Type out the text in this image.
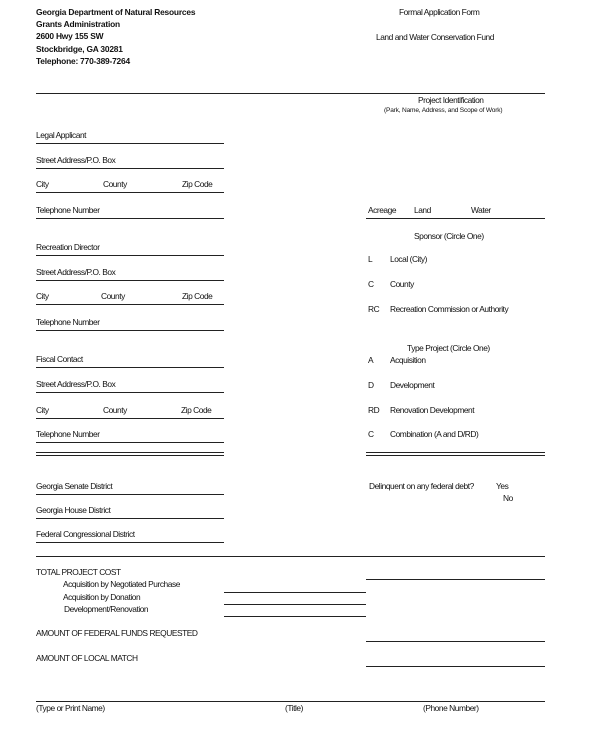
Georgia Department of Natural Resources
Grants Administration
2600 Hwy 155 SW
Stockbridge, GA 30281
Telephone: 770-389-7264
Formal Application Form
Land and Water Conservation Fund
Project Identification
(Park, Name, Address, and Scope of Work)
Legal Applicant
Street Address/P.O. Box
City	County	Zip Code
Telephone Number	Acreage Land	Water
Recreation Director
Street Address/P.O. Box
City	County	Zip Code
Telephone Number
Sponsor (Circle One)
L Local (City)
C County
RC Recreation Commission or Authority
Fiscal Contact
Street Address/P.O. Box
City	County	Zip Code
Telephone Number
Type Project (Circle One)
A Acquisition
D Development
RD Renovation Development
C Combination (A and D/RD)
Georgia Senate District
Georgia House District
Federal Congressional District
Delinquent on any federal debt?	Yes
No
TOTAL PROJECT COST
Acquisition by Negotiated Purchase
Acquisition by Donation
Development/Renovation
AMOUNT OF FEDERAL FUNDS REQUESTED
AMOUNT OF LOCAL MATCH
(Type or Print Name)	(Title)	(Phone Number)
